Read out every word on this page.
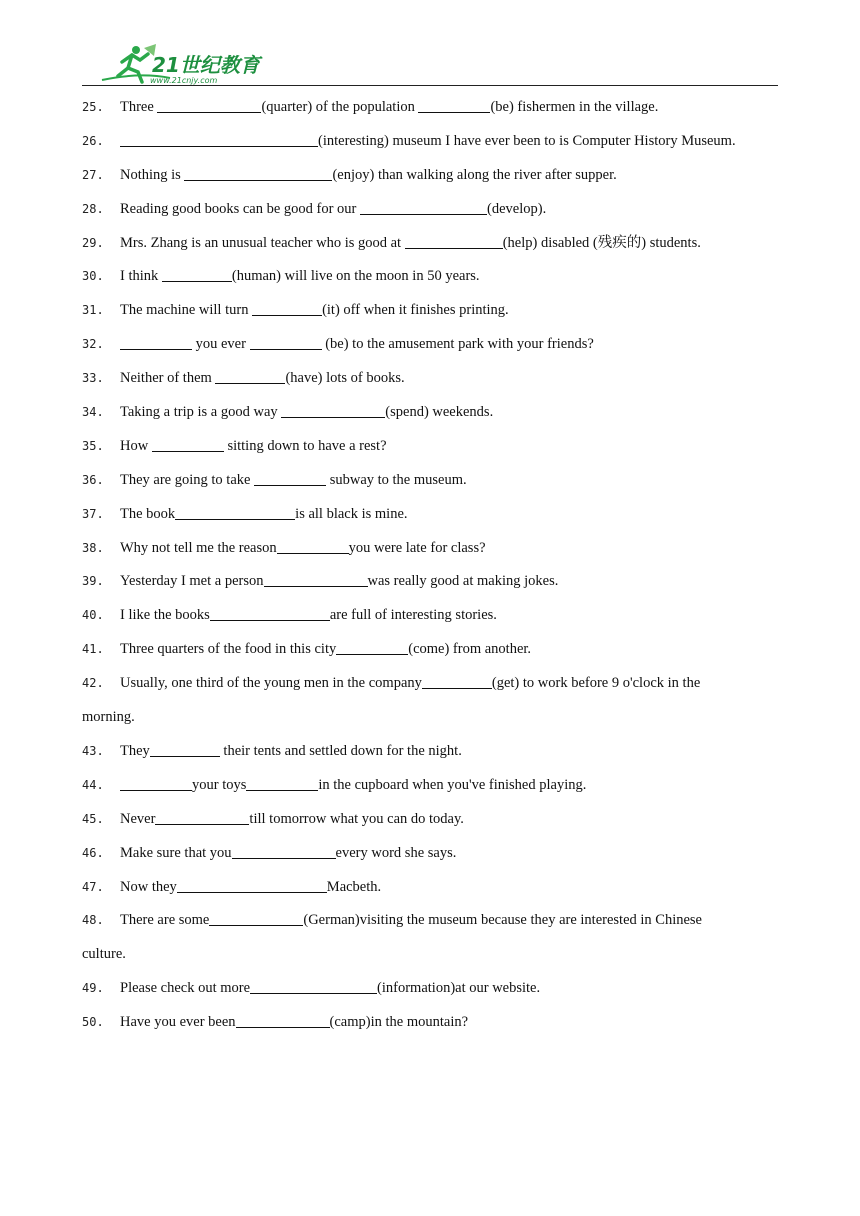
21世纪教育
www.21cnjy.com
25. Three	(quarter) of the population	(be) fishermen in the village.
26.	(interesting) museum I have ever been to is Computer History Museum.
27. Nothing is	(enjoy) than walking along the river after supper.
28. Reading good books can be good for our	(develop).
29. Mrs. Zhang is an unusual teacher who is good at	(help) disabled (残疾的) students.
30. I think	(human) will live on the moon in 50 years.
31. The machine will turn	(it) off when it finishes printing.
32.	you ever	(be) to the amusement park with your friends?
33. Neither of them	(have) lots of books.
34. Taking a trip is a good way	(spend) weekends.
35. How	sitting down to have a rest?
36. They are going to take	subway to the museum.
37. The book	is all black is mine.
38. Why not tell me the reason	you were late for class?
39. Yesterday I met a person	was really good at making jokes.
40. I like the books	are full of interesting stories.
41. Three quarters of the food in this city	(come) from another.
42. Usually, one third of the young men in the company	(get) to work before 9 o'clock in the
morning.
43. They	their tents and settled down for the night.
44.	your toys	in the cupboard when you've finished playing.
45. Never	till tomorrow what you can do today.
46. Make sure that you	every word she says.
47. Now they	Macbeth.
48. There are some	(German)visiting the museum because they are interested in Chinese
culture.
49. Please check out more	(information)at our website.
50. Have you ever been	(camp)in the mountain?
